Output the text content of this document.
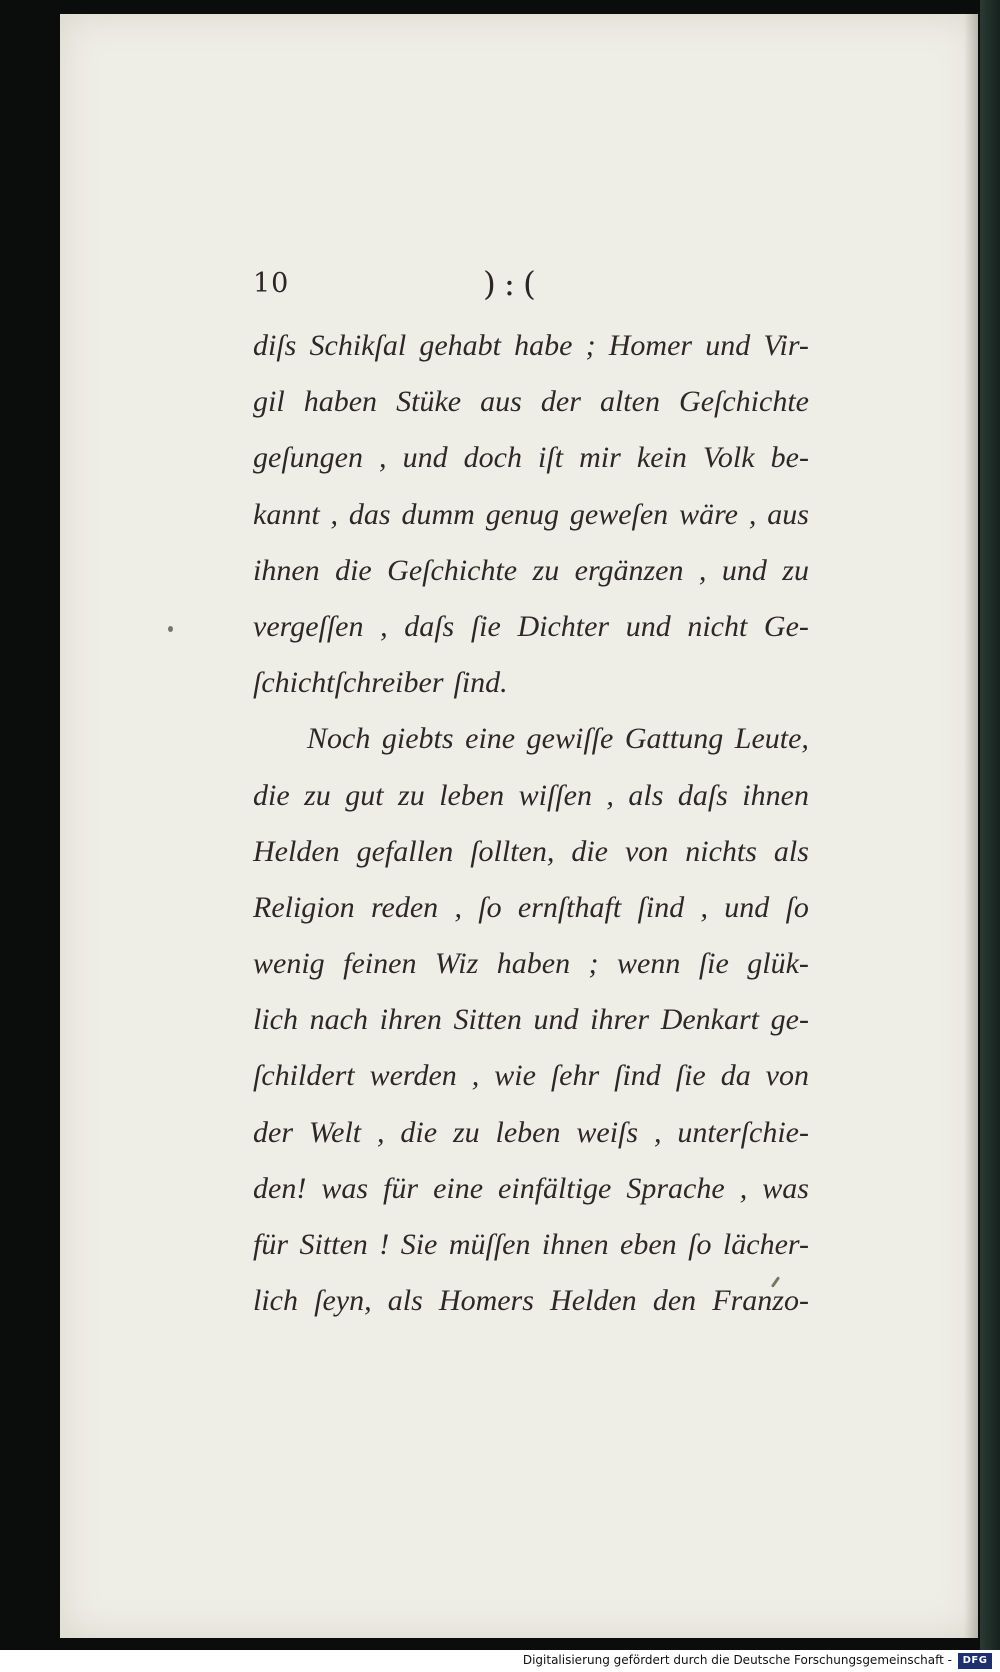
10	):(
diſs Schikſal gehabt habe ; Homer und Vir-
gil haben Stüke aus der alten Geſchichte
geſungen , und doch iſt mir kein Volk be-
kannt , das dumm genug geweſen wäre , aus
ihnen die Geſchichte zu ergänzen , und zu
vergeſſen , daſs ſie Dichter und nicht Ge-
ſchichtſchreiber ſind.
Noch giebts eine gewiſſe Gattung Leute,
die zu gut zu leben wiſſen , als daſs ihnen
Helden gefallen ſollten, die von nichts als
Religion reden , ſo ernſthaft ſind , und ſo
wenig feinen Wiz haben ; wenn ſie glük-
lich nach ihren Sitten und ihrer Denkart ge-
ſchildert werden , wie ſehr ſind ſie da von
der Welt , die zu leben weiſs , unterſchie-
den! was für eine einfältige Sprache , was
für Sitten ! Sie müſſen ihnen eben ſo lächer-
lich ſeyn, als Homers Helden den Franzo-
Digitalisierung gefördert durch die Deutsche Forschungsgemeinschaft -	DFG
